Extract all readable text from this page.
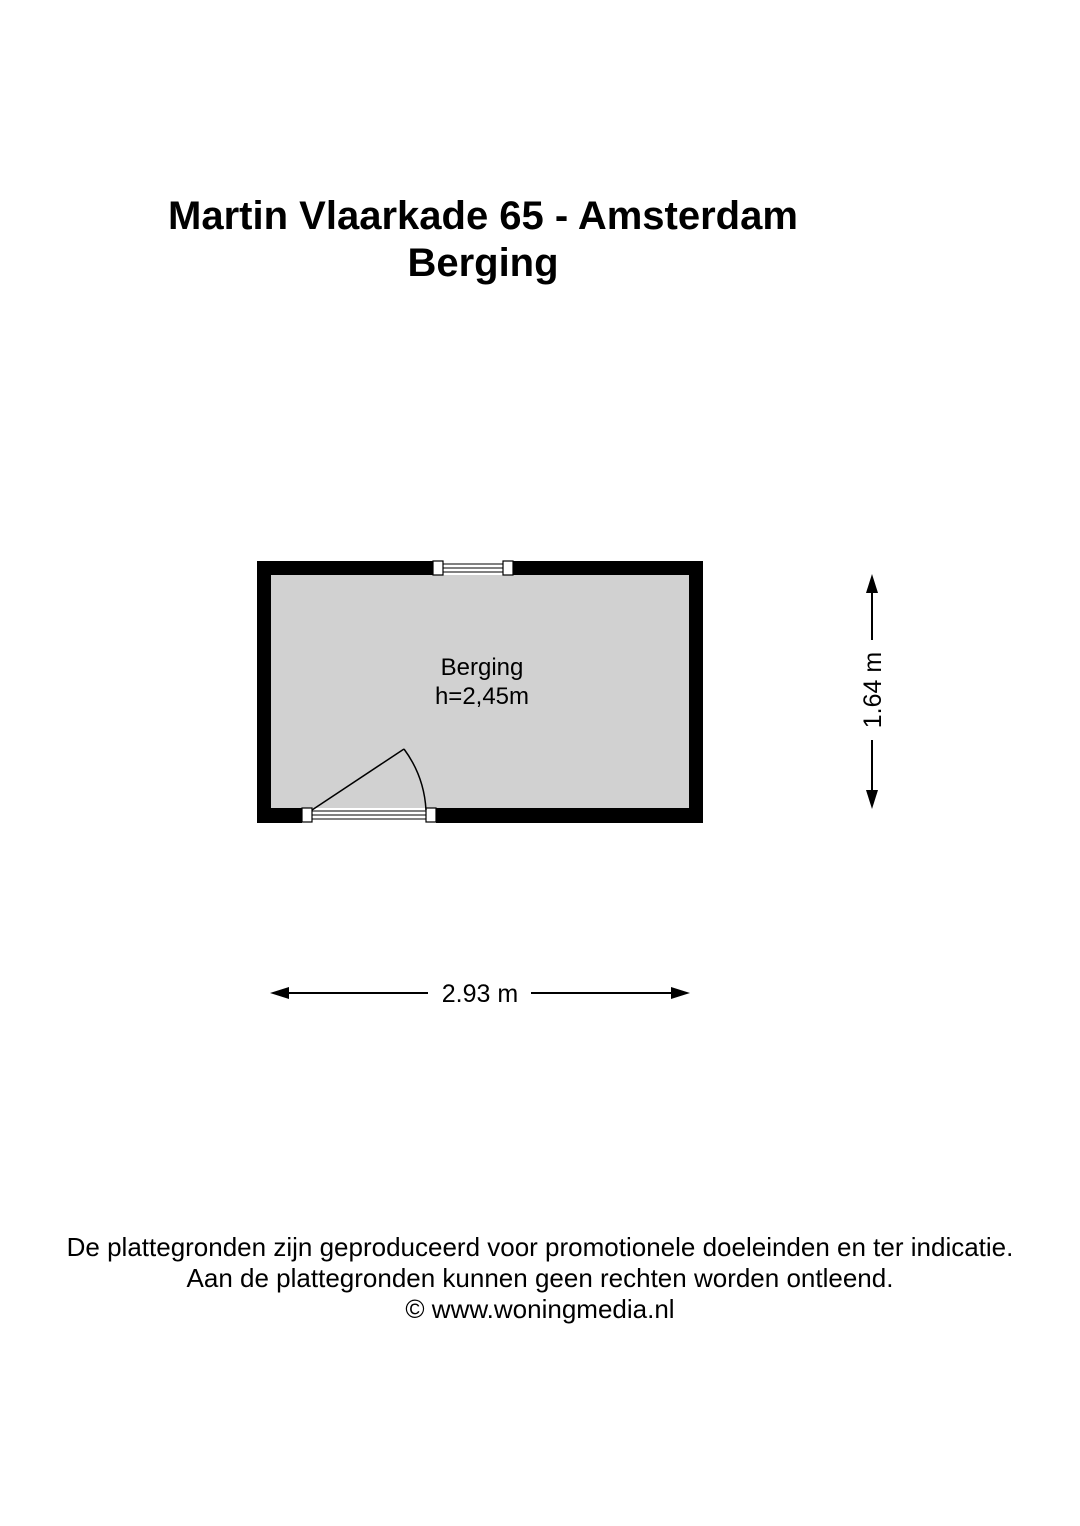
Martin Vlaarkade 65 - Amsterdam
Berging
Berging
h=2,45m
2.93 m
1.64 m
De plattegronden zijn geproduceerd voor promotionele doeleinden en ter indicatie.
Aan de plattegronden kunnen geen rechten worden ontleend.
© www.woningmedia.nl
